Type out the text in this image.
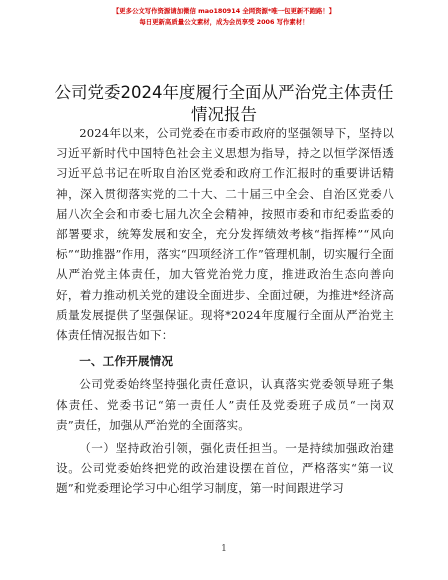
【更多公文写作资源请加微信 mao180914 全网资源*唯一包更新不跑路！】
每日更新高质量公文素材，成为会员享受 2006 写作素材！
公司党委2024年度履行全面从严治党主体责任
情况报告

2024年以来，公司党委在市委市政府的坚强领导下，坚持以习近平新时代中国特色社会主义思想为指导，持之以恒学深悟透习近平总书记在听取自治区党委和政府工作汇报时的重要讲话精神，深入贯彻落实党的二十大、二十届三中全会、自治区党委八届八次全会和市委七届九次全会精神，按照市委和市纪委监委的部署要求，统筹发展和安全，充分发挥绩效考核“指挥棒”“风向标”“助推器”作用，落实“四项经济工作”管理机制，切实履行全面从严治党主体责任，加大管党治党力度，推进政治生态向善向好，着力推动机关党的建设全面进步、全面过硬，为推进*经济高质量发展提供了坚强保证。现将*2024年度履行全面从严治党主体责任情况报告如下：

一、工作开展情况

公司党委始终坚持强化责任意识，认真落实党委领导班子集体责任、党委书记“第一责任人”责任及党委班子成员“一岗双责”责任，加强从严治党的全面落实。

（一）坚持政治引领，强化责任担当。一是持续加强政治建设。公司党委始终把党的政治建设摆在首位，严格落实“第一议题”和党委理论学习中心组学习制度，第一时间跟进学习

1
